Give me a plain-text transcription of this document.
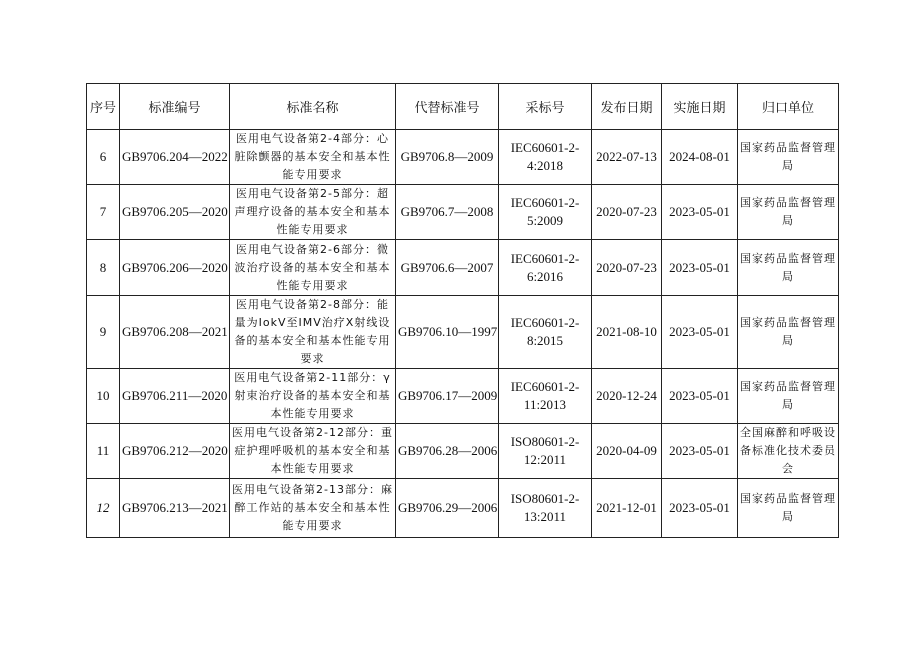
序号	标准编号	标准名称	代替标准号	采标号	发布日期	实施日期	归口单位
6	GB9706.204—2022	医用电气设备第2-4部分：心脏除颤器的基本安全和基本性能专用要求	GB9706.8—2009	IEC60601-2-4:2018	2022-07-13	2024-08-01	国家药品监督管理局

7	GB9706.205—2020	医用电气设备第2-5部分：超声理疗设备的基本安全和基本性能专用要求	GB9706.7—2008	IEC60601-2-5:2009	2020-07-23	2023-05-01	国家药品监督管理局

8	GB9706.206—2020	医用电气设备第2-6部分：微波治疗设备的基本安全和基本性能专用要求	GB9706.6—2007	IEC60601-2-6:2016	2020-07-23	2023-05-01	国家药品监督管理局

9	GB9706.208—2021	医用电气设备第2-8部分：能量为IokV至IMV治疗X射线设备的基本安全和基本性能专用要求	GB9706.10—1997	IEC60601-2-8:2015	2021-08-10	2023-05-01	国家药品监督管理局

10	GB9706.211—2020	医用电气设备第2-11部分：γ射束治疗设备的基本安全和基本性能专用要求	GB9706.17—2009	IEC60601-2-11:2013	2020-12-24	2023-05-01	国家药品监督管理局

11	GB9706.212—2020	医用电气设备第2-12部分：重症护理呼吸机的基本安全和基本性能专用要求	GB9706.28—2006	ISO80601-2-12:2011	2020-04-09	2023-05-01	全国麻醉和呼吸设备标准化技术委员会

12	GB9706.213—2021	医用电气设备第2-13部分：麻醉工作站的基本安全和基本性能专用要求	GB9706.29—2006	ISO80601-2-13:2011	2021-12-01	2023-05-01	国家药品监督管理局
